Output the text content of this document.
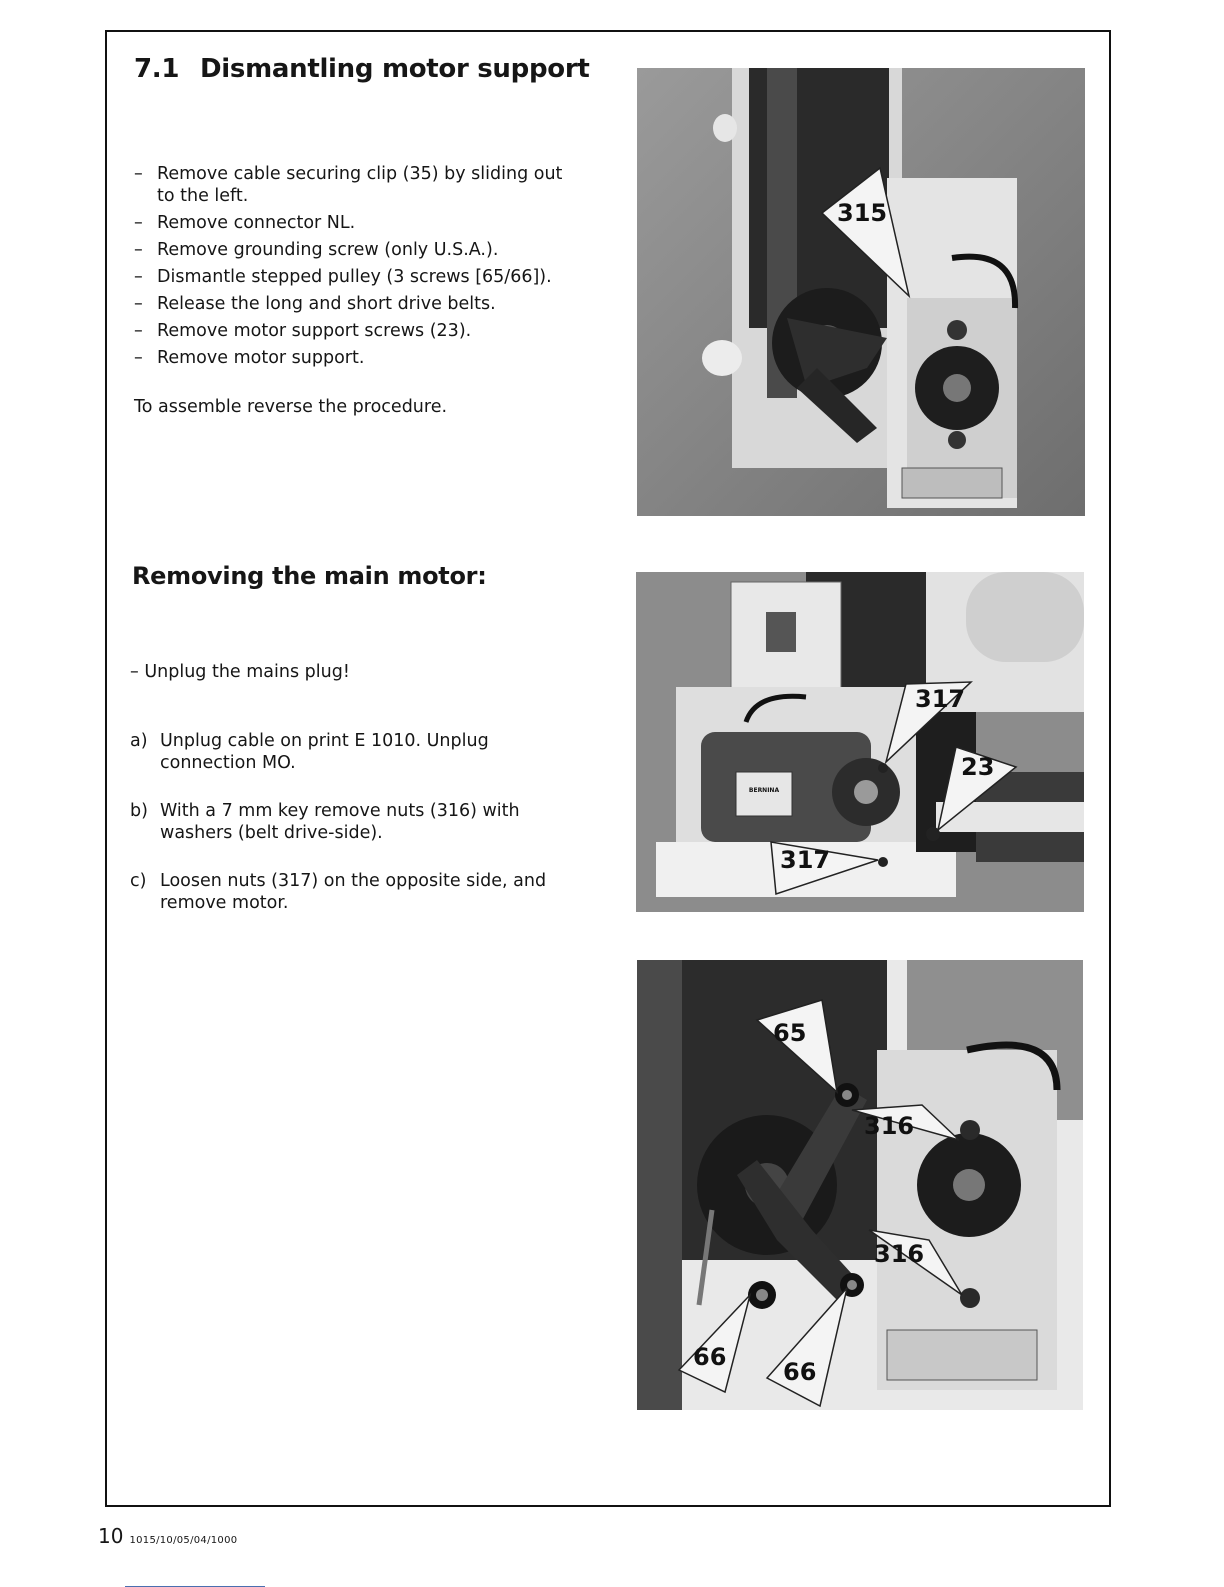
7.1 Dismantling motor support
– Remove cable securing clip (35) by sliding out to the left.
– Remove connector NL.
– Remove grounding screw (only U.S.A.).
– Dismantle stepped pulley (3 screws [65/66]).
– Release the long and short drive belts.
– Remove motor support screws (23).
– Remove motor support.

To assemble reverse the procedure.

Removing the main motor:

– Unplug the mains plug!

a) Unplug cable on print E 1010. Unplug connection MO.
b) With a 7 mm key remove nuts (316) with washers (belt drive-side).
c) Loosen nuts (317) on the opposite side, and remove motor.
315
BERNINA
317
23
317
65
316
316
66
66
10 1015/10/05/04/1000
